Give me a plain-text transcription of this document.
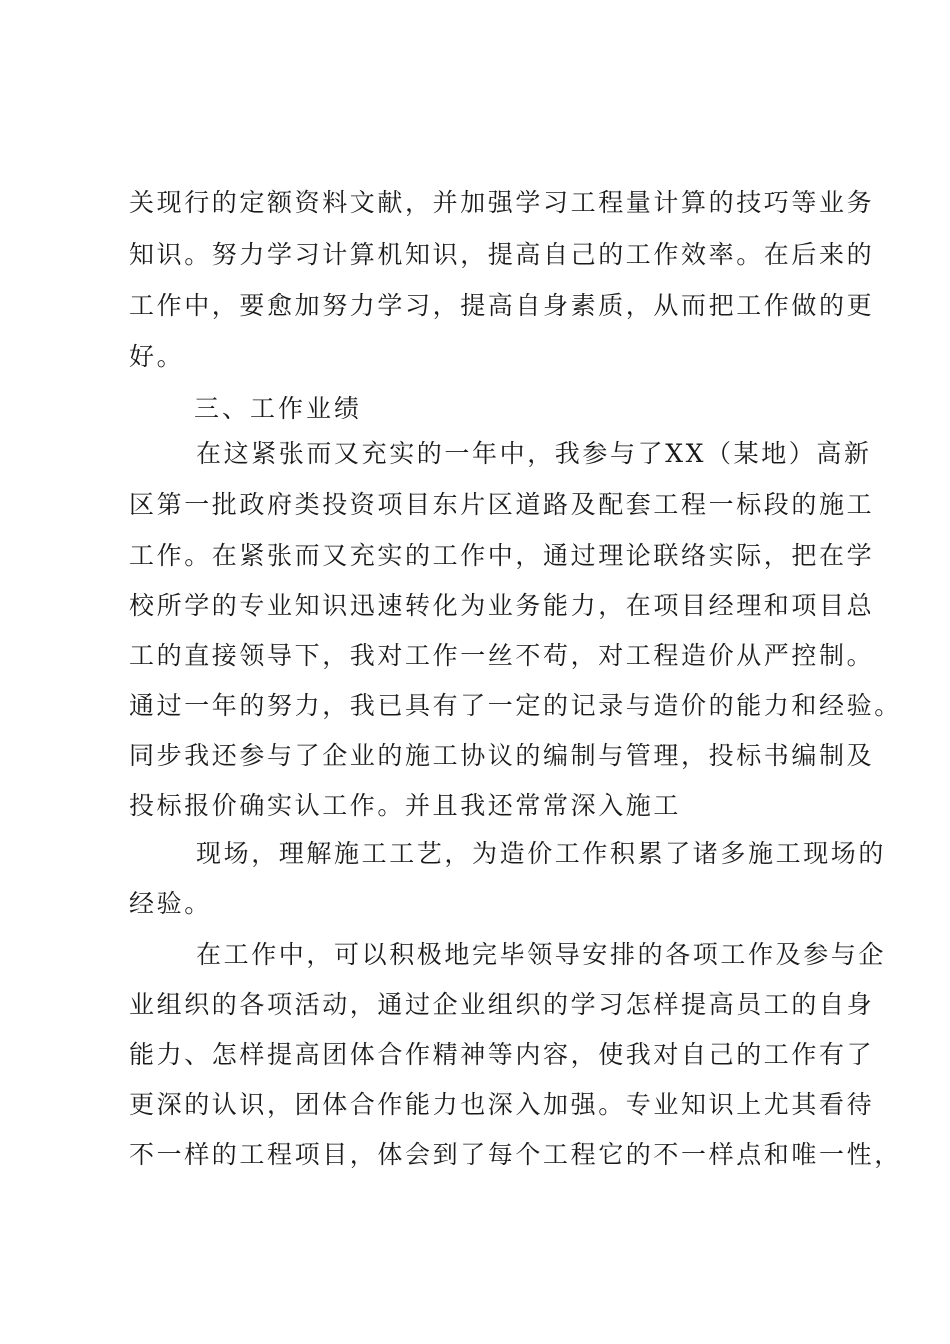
关现行的定额资料文献，并加强学习工程量计算的技巧等业务
知识。努力学习计算机知识，提高自己的工作效率。在后来的
工作中，要愈加努力学习，提高自身素质，从而把工作做的更
好。
三、工作业绩
在这紧张而又充实的一年中，我参与了XX（某地）高新
区第一批政府类投资项目东片区道路及配套工程一标段的施工
工作。在紧张而又充实的工作中，通过理论联络实际，把在学
校所学的专业知识迅速转化为业务能力，在项目经理和项目总
工的直接领导下，我对工作一丝不苟，对工程造价从严控制。
通过一年的努力，我已具有了一定的记录与造价的能力和经验。
同步我还参与了企业的施工协议的编制与管理，投标书编制及
投标报价确实认工作。并且我还常常深入施工
现场，理解施工工艺，为造价工作积累了诸多施工现场的
经验。
在工作中，可以积极地完毕领导安排的各项工作及参与企
业组织的各项活动，通过企业组织的学习怎样提高员工的自身
能力、怎样提高团体合作精神等内容，使我对自己的工作有了
更深的认识，团体合作能力也深入加强。专业知识上尤其看待
不一样的工程项目，体会到了每个工程它的不一样点和唯一性，
